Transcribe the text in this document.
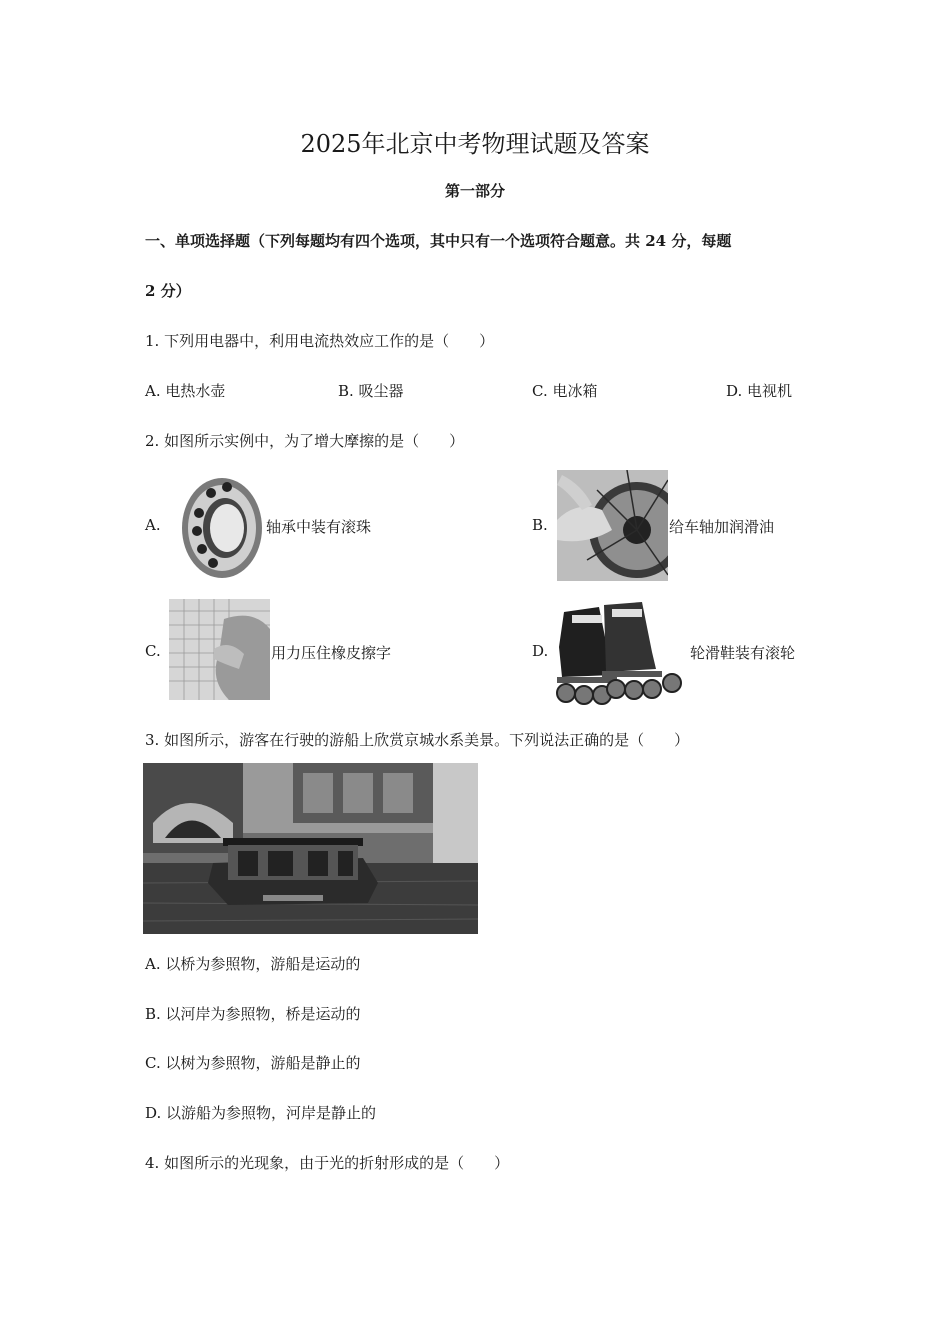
2025年北京中考物理试题及答案
第一部分
一、单项选择题（下列每题均有四个选项，其中只有一个选项符合题意。共 24 分，每题
2 分）
1. 下列用电器中，利用电流热效应工作的是（　　）
A. 电热水壶	B. 吸尘器	C. 电冰箱	D. 电视机
2. 如图所示实例中，为了增大摩擦的是（　　）
A.	轴承中装有滚珠	B.	给车轴加润滑油
C.	用力压住橡皮擦字	D.	轮滑鞋装有滚轮
3. 如图所示，游客在行驶的游船上欣赏京城水系美景。下列说法正确的是（　　）
A. 以桥为参照物，游船是运动的
B. 以河岸为参照物，桥是运动的
C. 以树为参照物，游船是静止的
D. 以游船为参照物，河岸是静止的
4. 如图所示的光现象，由于光的折射形成的是（　　）
